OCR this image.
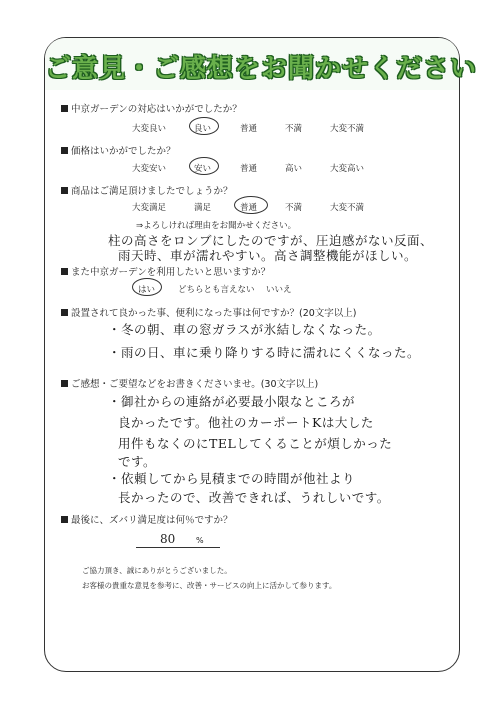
ご意見・ご感想をお聞かせください
中京ガーデンの対応はいかがでしたか？
大変良い	良い	普通	不満	大変不満
価格はいかがでしたか？
大変安い	安い	普通	高い	大変高い
商品はご満足頂けましたでしょうか？
大変満足	満足	普通	不満	大変不満
⇒よろしければ理由をお聞かせください。
柱の高さをロンブにしたのですが、圧迫感がない反面、
雨天時、車が濡れやすい。高さ調整機能がほしい。
また中京ガーデンを利用したいと思いますか？
はい	どちらとも言えない いいえ
設置されて良かった事、便利になった事は何ですか？(20文字以上)
・冬の朝、車の窓ガラスが氷結しなくなった。
・雨の日、車に乗り降りする時に濡れにくくなった。
ご感想・ご要望などをお書きくださいませ。(30文字以上)
・御社からの連絡が必要最小限なところが
良かったです。他社のカーポートKは大した
用件もなくのにTELしてくることが煩しかった
です。
・依頼してから見積までの時間が他社より
長かったので、改善できれば、うれしいです。
最後に、ズバリ満足度は何％ですか？
80	%
ご協力頂き、誠にありがとうございました。
お客様の貴重な意見を参考に、改善・サービスの向上に活かして参ります。
